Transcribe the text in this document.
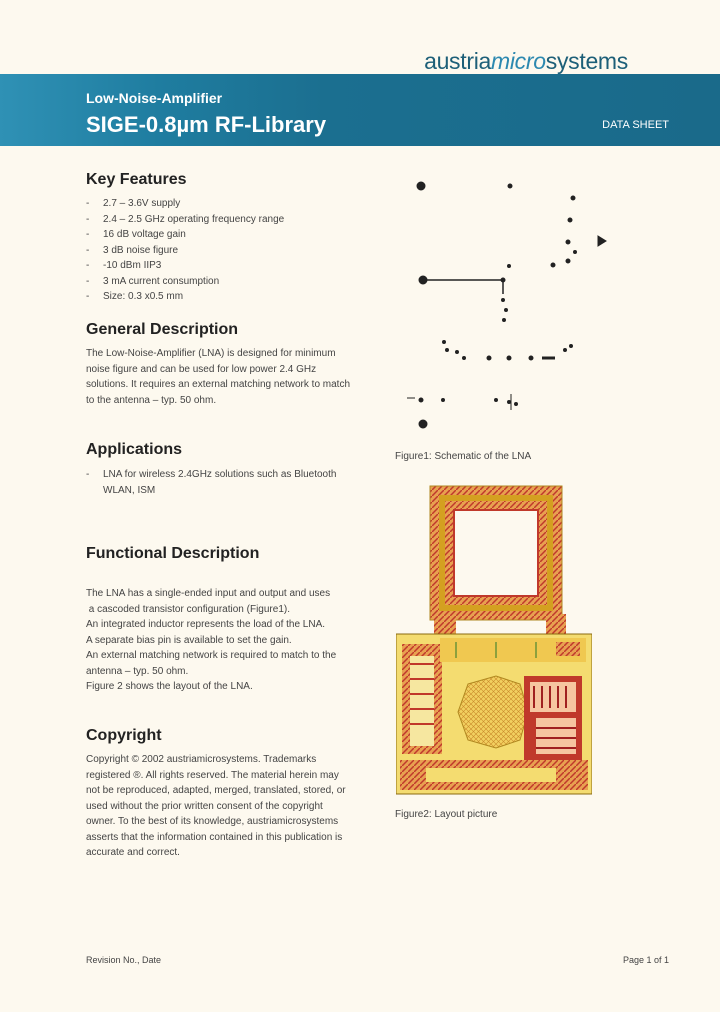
austriamicrosystems
Low-Noise-Amplifier
SIGE-0.8µm RF-Library	DATA SHEET
Key Features
- 2.7 – 3.6V supply
- 2.4 – 2.5 GHz operating frequency range
- 16 dB voltage gain
- 3 dB noise figure
- -10 dBm IIP3
- 3 mA current consumption
- Size: 0.3 x0.5 mm
General Description

The Low-Noise-Amplifier (LNA) is designed for minimum
noise figure and can be used for low power 2.4 GHz
solutions. It requires an external matching network to match
to the antenna – typ. 50 ohm.

Applications

- LNA for wireless 2.4GHz solutions such as Bluetooth
WLAN, ISM

Functional Description

The LNA has a single-ended input and output and uses
a cascoded transistor configuration (Figure1).
An integrated inductor represents the load of the LNA.
A separate bias pin is available to set the gain.
An external matching network is required to match to the
antenna – typ. 50 ohm.
Figure 2 shows the layout of the LNA.

Copyright

Copyright © 2002 austriamicrosystems. Trademarks
registered ®. All rights reserved. The material herein may
not be reproduced, adapted, merged, translated, stored, or
used without the prior written consent of the copyright
owner. To the best of its knowledge, austriamicrosystems
asserts that the information contained in this publication is
accurate and correct.

Figure1: Schematic of the LNA
Figure2: Layout picture
Revision No., Date	Page 1 of 1
